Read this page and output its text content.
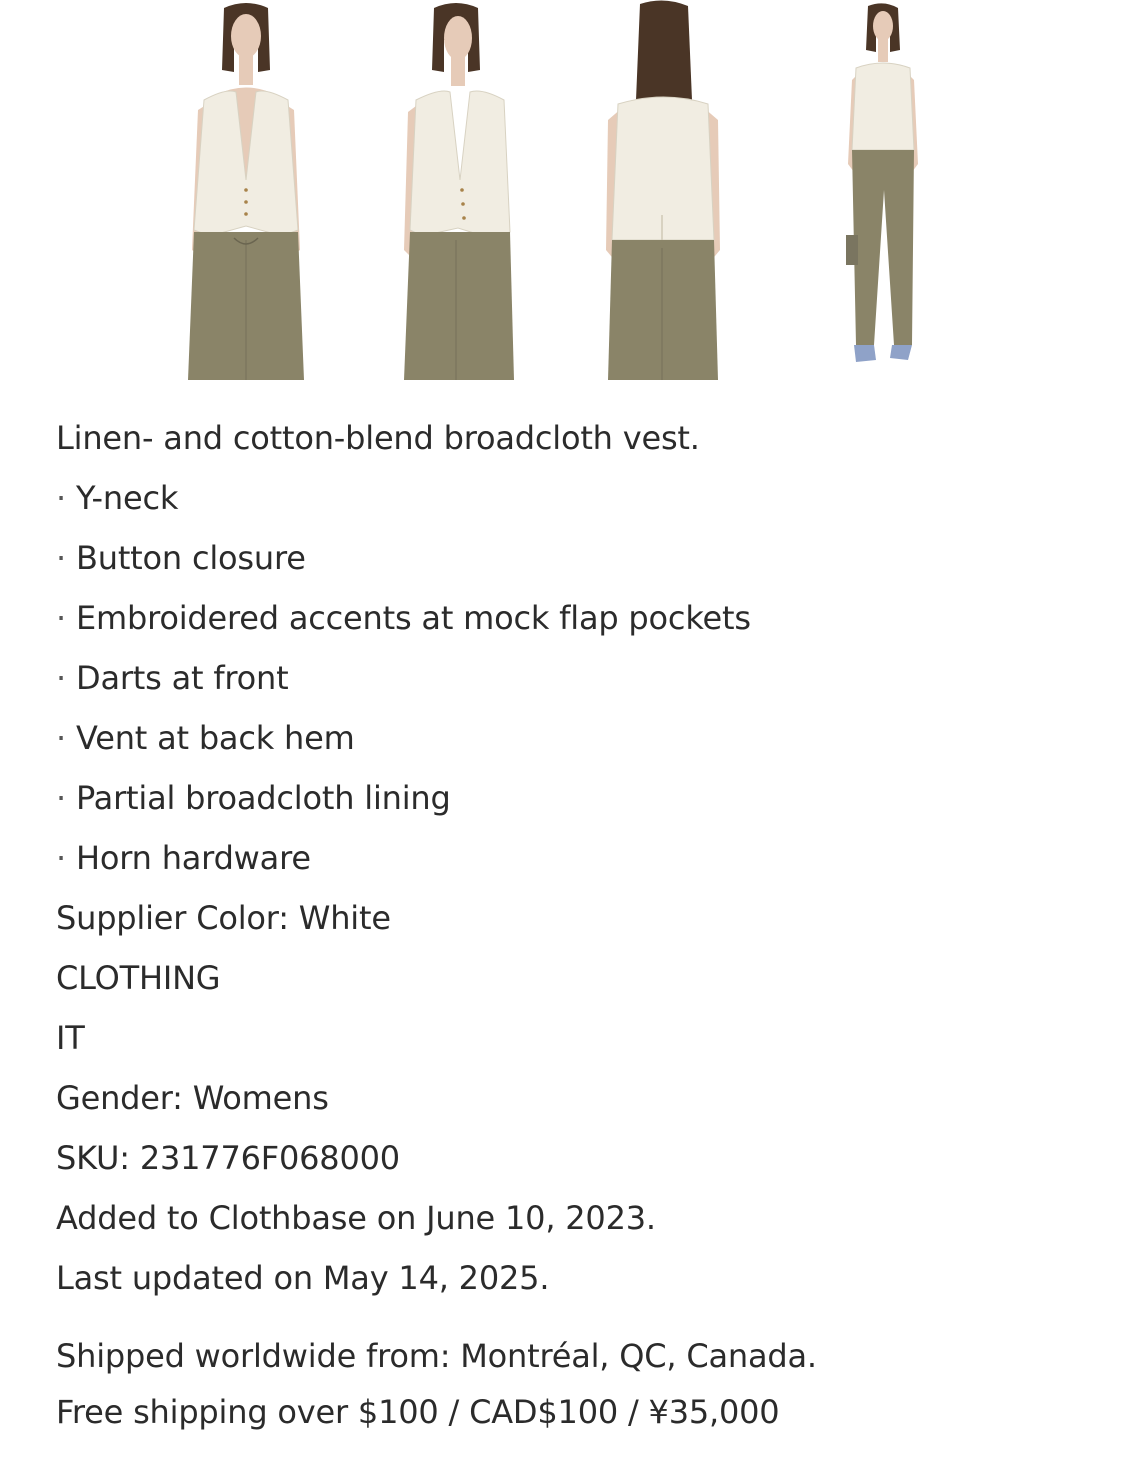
Linen- and cotton-blend broadcloth vest.
· Y-neck
· Button closure
· Embroidered accents at mock flap pockets
· Darts at front
· Vent at back hem
· Partial broadcloth lining
· Horn hardware
Supplier Color: White
CLOTHING
IT
Gender: Womens
SKU: 231776F068000
Added to Clothbase on June 10, 2023.
Last updated on May 14, 2025.
Shipped worldwide from: Montréal, QC, Canada.
Free shipping over $100 / CAD$100 / ¥35,000
